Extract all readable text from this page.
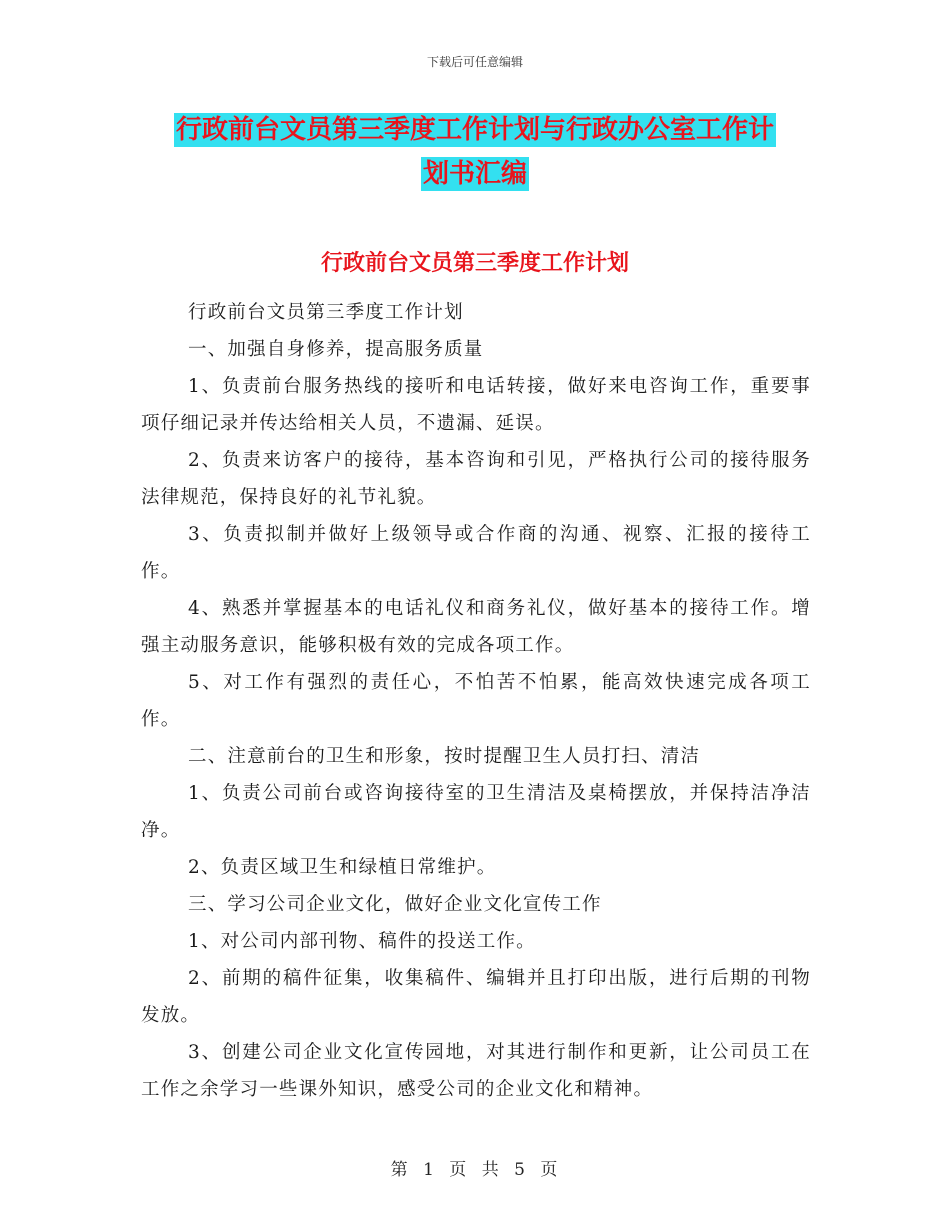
下载后可任意编辑
行政前台文员第三季度工作计划与行政办公室工作计
划书汇编
行政前台文员第三季度工作计划

行政前台文员第三季度工作计划

一、加强自身修养，提高服务质量

1、负责前台服务热线的接听和电话转接，做好来电咨询工作，重要事项仔细记录并传达给相关人员，不遗漏、延误。

2、负责来访客户的接待，基本咨询和引见，严格执行公司的接待服务法律规范，保持良好的礼节礼貌。

3、负责拟制并做好上级领导或合作商的沟通、视察、汇报的接待工作。

4、熟悉并掌握基本的电话礼仪和商务礼仪，做好基本的接待工作。增强主动服务意识，能够积极有效的完成各项工作。

5、对工作有强烈的责任心，不怕苦不怕累，能高效快速完成各项工作。

二、注意前台的卫生和形象，按时提醒卫生人员打扫、清洁

1、负责公司前台或咨询接待室的卫生清洁及桌椅摆放，并保持洁净洁净。

2、负责区域卫生和绿植日常维护。

三、学习公司企业文化，做好企业文化宣传工作

1、对公司内部刊物、稿件的投送工作。

2、前期的稿件征集，收集稿件、编辑并且打印出版，进行后期的刊物发放。

3、创建公司企业文化宣传园地，对其进行制作和更新，让公司员工在工作之余学习一些课外知识，感受公司的企业文化和精神。

第 1 页 共 5 页
